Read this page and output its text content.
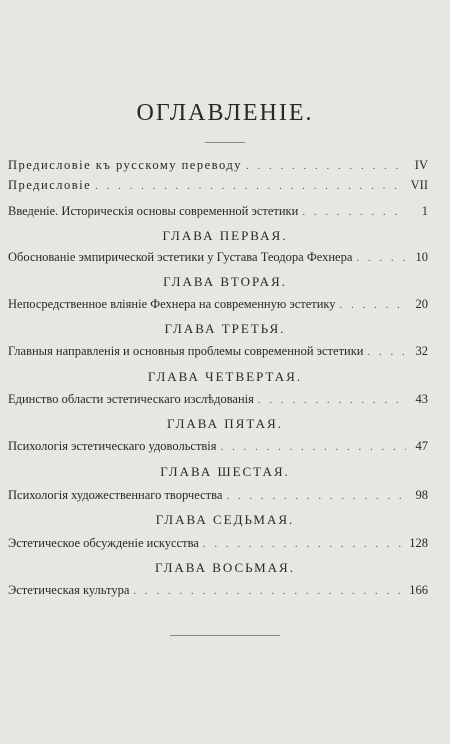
ОГЛАВЛЕНІЕ.
Предисловіе къ русскому переводу . . .	IV
Предисловіе . . .	VII
Введеніе. Историческія основы современной эстетики . . .	1
ГЛАВА ПЕРВАЯ.
Обоснованіе эмпирической эстетики у Густава Теодора Фехнера . . .	10
ГЛАВА ВТОРАЯ.
Непосредственное вліяніе Фехнера на современную эстетику . . .	20
ГЛАВА ТРЕТЬЯ.
Главныя направленія и основныя проблемы современной эстетики . . .	32
ГЛАВА ЧЕТВЕРТАЯ.
Единство области эстетическаго изслѣдованія . . .	43
ГЛАВА ПЯТАЯ.
Психологія эстетическаго удовольствія . . .	47
ГЛАВА ШЕСТАЯ.
Психологія художественнаго творчества . . .	98
ГЛАВА СЕДЬМАЯ.
Эстетическое обсужденіе искусства . . .	128
ГЛАВА ВОСЬМАЯ.
Эстетическая культура . . .	166
